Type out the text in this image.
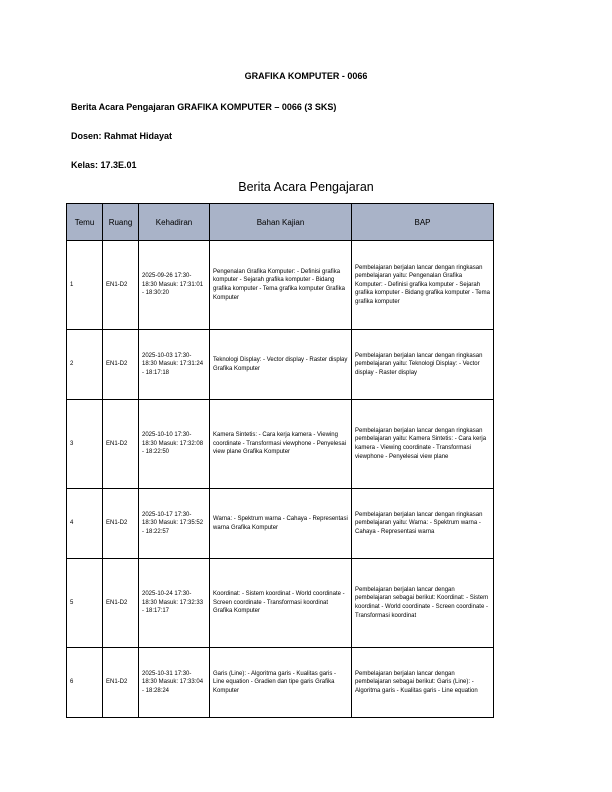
GRAFIKA KOMPUTER - 0066
Berita Acara Pengajaran GRAFIKA KOMPUTER – 0066 (3 SKS)
Dosen: Rahmat Hidayat
Kelas: 17.3E.01
Berita Acara Pengajaran
Temu	Ruang	Kehadiran	Bahan Kajian	BAP
1	EN1-D2	2025-09-26 17:30-18:30 Masuk: 17:31:01 - 18:30:20	Pengenalan Grafika Komputer: - Definisi grafika komputer - Sejarah grafika komputer - Bidang grafika komputer - Tema grafika komputer Grafika Komputer	Pembelajaran berjalan lancar dengan ringkasan pembelajaran yaitu: Pengenalan Grafika Komputer: - Definisi grafika komputer - Sejarah grafika komputer - Bidang grafika komputer - Tema grafika komputer
2	EN1-D2	2025-10-03 17:30-18:30 Masuk: 17:31:24 - 18:17:18	Teknologi Display: - Vector display - Raster display Grafika Komputer	Pembelajaran berjalan lancar dengan ringkasan pembelajaran yaitu: Teknologi Display: - Vector display - Raster display
3	EN1-D2	2025-10-10 17:30-18:30 Masuk: 17:32:08 - 18:22:50	Kamera Sintetis: - Cara kerja kamera - Viewing coordinate - Transformasi viewphone - Penyelesai view plane Grafika Komputer	Pembelajaran berjalan lancar dengan ringkasan pembelajaran yaitu: Kamera Sintetis: - Cara kerja kamera - Viewing coordinate - Transformasi viewphone - Penyelesai view plane
4	EN1-D2	2025-10-17 17:30-18:30 Masuk: 17:35:52 - 18:22:57	Warna: - Spektrum warna - Cahaya - Representasi warna Grafika Komputer	Pembelajaran berjalan lancar dengan ringkasan pembelajaran yaitu: Warna: - Spektrum warna - Cahaya - Representasi warna
5	EN1-D2	2025-10-24 17:30-18:30 Masuk: 17:32:33 - 18:17:17	Koordinat: - Sistem koordinat - World coordinate - Screen coordinate - Transformasi koordinat Grafika Komputer	Pembelajaran berjalan lancar dengan pembelajaran sebagai berikut: Koordinat: - Sistem koordinat - World coordinate - Screen coordinate - Transformasi koordinat
6	EN1-D2	2025-10-31 17:30-18:30 Masuk: 17:33:04 - 18:28:24	Garis (Line): - Algoritma garis - Kualitas garis - Line equation - Gradien dan tipe garis Grafika Komputer	Pembelajaran berjalan lancar dengan pembelajaran sebagai berikut: Garis (Line): - Algoritma garis - Kualitas garis - Line equation
